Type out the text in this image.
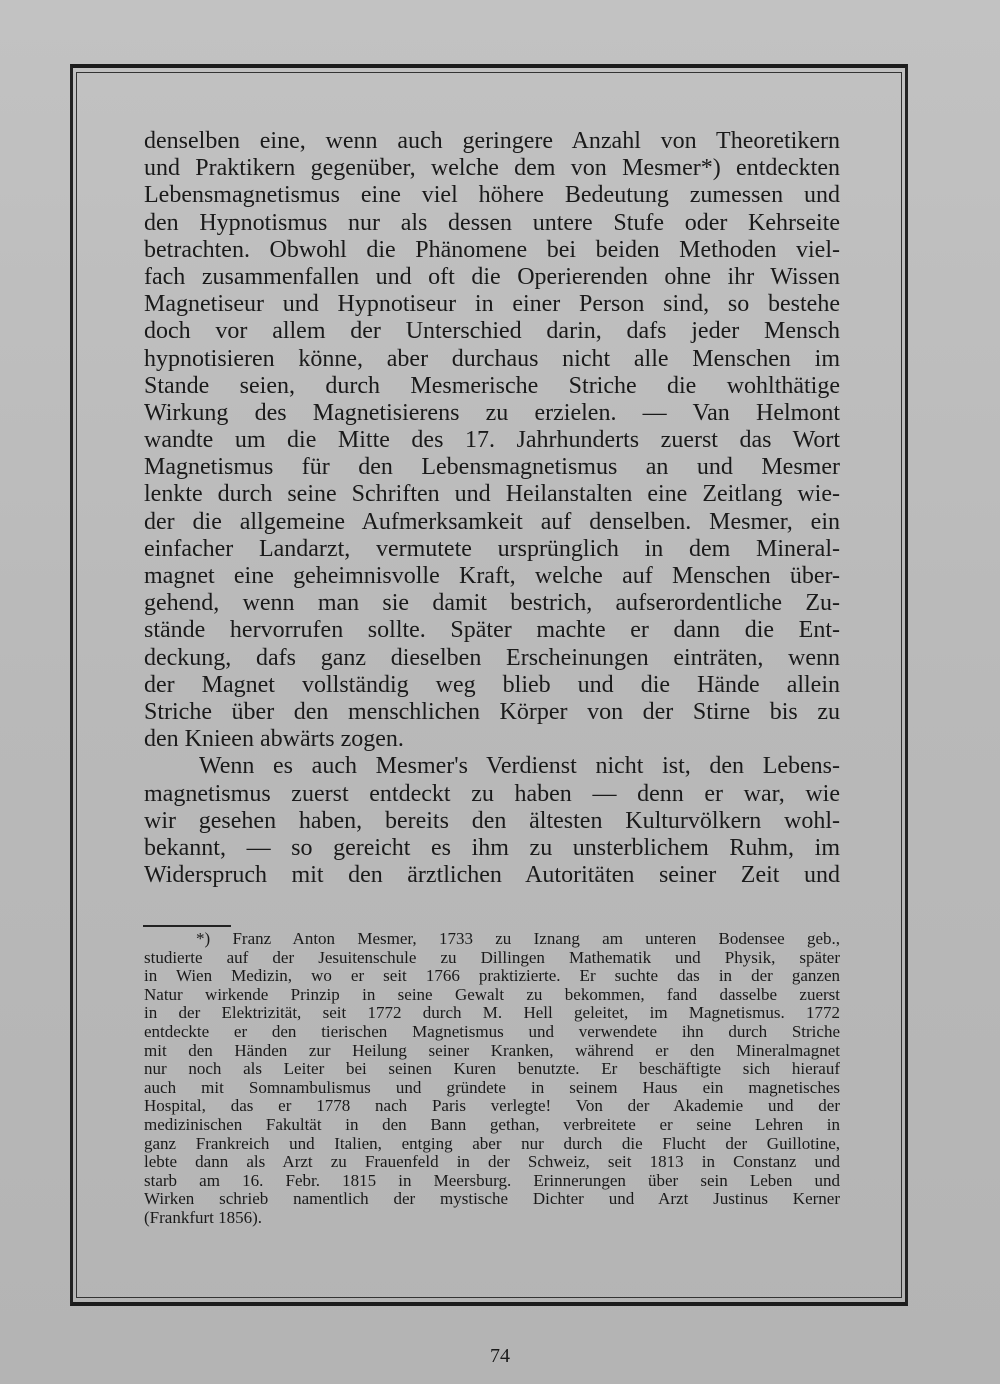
denselben eine, wenn auch geringere Anzahl von Theoretikern
und Praktikern gegenüber, welche dem von Mesmer*) entdeckten
Lebensmagnetismus eine viel höhere Bedeutung zumessen und
den Hypnotismus nur als dessen untere Stufe oder Kehrseite
betrachten. Obwohl die Phänomene bei beiden Methoden viel-
fach zusammenfallen und oft die Operierenden ohne ihr Wissen
Magnetiseur und Hypnotiseur in einer Person sind, so bestehe
doch vor allem der Unterschied darin, dafs jeder Mensch
hypnotisieren könne, aber durchaus nicht alle Menschen im
Stande seien, durch Mesmerische Striche die wohlthätige
Wirkung des Magnetisierens zu erzielen. — Van Helmont
wandte um die Mitte des 17. Jahrhunderts zuerst das Wort
Magnetismus für den Lebensmagnetismus an und Mesmer
lenkte durch seine Schriften und Heilanstalten eine Zeitlang wie-
der die allgemeine Aufmerksamkeit auf denselben. Mesmer, ein
einfacher Landarzt, vermutete ursprünglich in dem Mineral-
magnet eine geheimnisvolle Kraft, welche auf Menschen über-
gehend, wenn man sie damit bestrich, aufserordentliche Zu-
stände hervorrufen sollte. Später machte er dann die Ent-
deckung, dafs ganz dieselben Erscheinungen einträten, wenn
der Magnet vollständig weg blieb und die Hände allein
Striche über den menschlichen Körper von der Stirne bis zu
den Knieen abwärts zogen.
Wenn es auch Mesmer's Verdienst nicht ist, den Lebens-
magnetismus zuerst entdeckt zu haben — denn er war, wie
wir gesehen haben, bereits den ältesten Kulturvölkern wohl-
bekannt, — so gereicht es ihm zu unsterblichem Ruhm, im
Widerspruch mit den ärztlichen Autoritäten seiner Zeit und
*) Franz Anton Mesmer, 1733 zu Iznang am unteren Bodensee geb.,
studierte auf der Jesuitenschule zu Dillingen Mathematik und Physik, später
in Wien Medizin, wo er seit 1766 praktizierte. Er suchte das in der ganzen
Natur wirkende Prinzip in seine Gewalt zu bekommen, fand dasselbe zuerst
in der Elektrizität, seit 1772 durch M. Hell geleitet, im Magnetismus. 1772
entdeckte er den tierischen Magnetismus und verwendete ihn durch Striche
mit den Händen zur Heilung seiner Kranken, während er den Mineralmagnet
nur noch als Leiter bei seinen Kuren benutzte. Er beschäftigte sich hierauf
auch mit Somnambulismus und gründete in seinem Haus ein magnetisches
Hospital, das er 1778 nach Paris verlegte! Von der Akademie und der
medizinischen Fakultät in den Bann gethan, verbreitete er seine Lehren in
ganz Frankreich und Italien, entging aber nur durch die Flucht der Guillotine,
lebte dann als Arzt zu Frauenfeld in der Schweiz, seit 1813 in Constanz und
starb am 16. Febr. 1815 in Meersburg. Erinnerungen über sein Leben und
Wirken schrieb namentlich der mystische Dichter und Arzt Justinus Kerner
(Frankfurt 1856).
74
